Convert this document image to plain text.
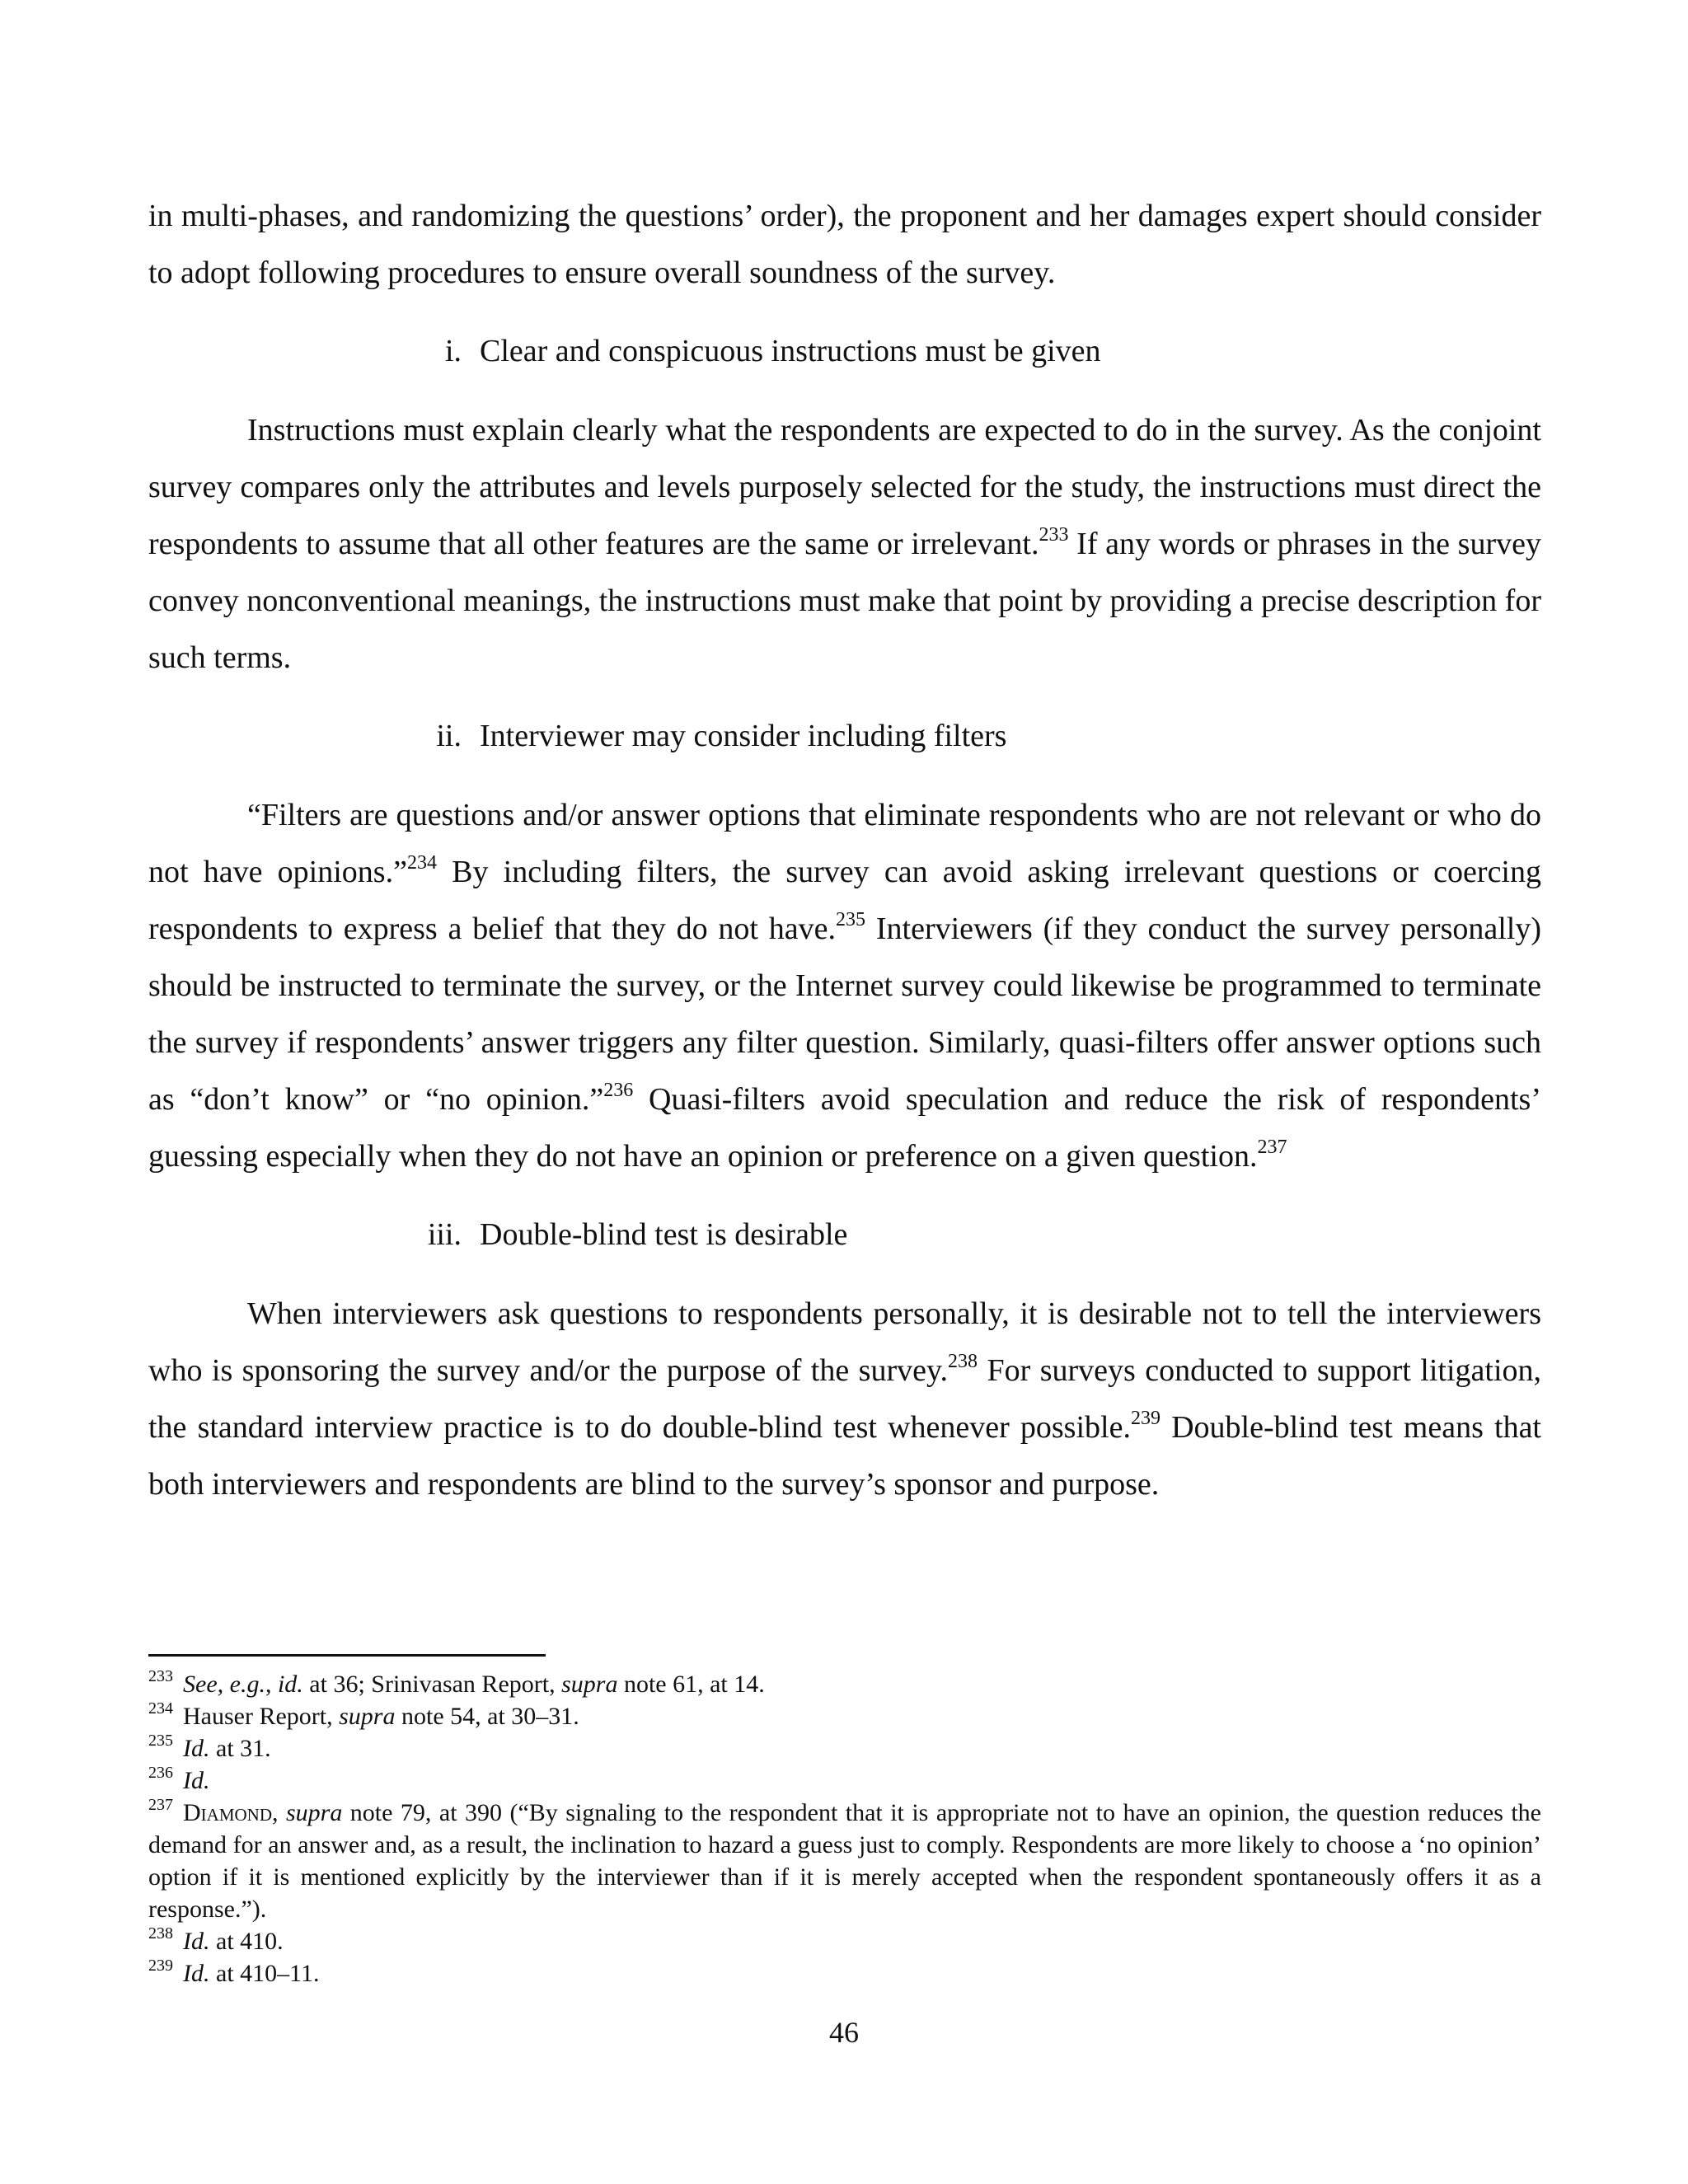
in multi-phases, and randomizing the questions’ order), the proponent and her damages expert should consider to adopt following procedures to ensure overall soundness of the survey.

i. Clear and conspicuous instructions must be given

Instructions must explain clearly what the respondents are expected to do in the survey. As the conjoint survey compares only the attributes and levels purposely selected for the study, the instructions must direct the respondents to assume that all other features are the same or irrelevant.$^{233}$ If any words or phrases in the survey convey nonconventional meanings, the instructions must make that point by providing a precise description for such terms.

ii. Interviewer may consider including filters

“Filters are questions and/or answer options that eliminate respondents who are not relevant or who do not have opinions.”$^{234}$ By including filters, the survey can avoid asking irrelevant questions or coercing respondents to express a belief that they do not have.$^{235}$ Interviewers (if they conduct the survey personally) should be instructed to terminate the survey, or the Internet survey could likewise be programmed to terminate the survey if respondents’ answer triggers any filter question. Similarly, quasi-filters offer answer options such as “don’t know” or “no opinion.”$^{236}$ Quasi-filters avoid speculation and reduce the risk of respondents’ guessing especially when they do not have an opinion or preference on a given question.$^{237}$

iii. Double-blind test is desirable

When interviewers ask questions to respondents personally, it is desirable not to tell the interviewers who is sponsoring the survey and/or the purpose of the survey.$^{238}$ For surveys conducted to support litigation, the standard interview practice is to do double-blind test whenever possible.$^{239}$ Double-blind test means that both interviewers and respondents are blind to the survey’s sponsor and purpose.

$^{233}$ See, e.g., id. at 36; Srinivasan Report, supra note 61, at 14.

$^{234}$ Hauser Report, supra note 54, at 30–31.

$^{235}$ Id. at 31.

$^{236}$ Id.

$^{237}$ Diamond, supra note 79, at 390 (“By signaling to the respondent that it is appropriate not to have an opinion, the question reduces the demand for an answer and, as a result, the inclination to hazard a guess just to comply. Respondents are more likely to choose a ‘no opinion’ option if it is mentioned explicitly by the interviewer than if it is merely accepted when the respondent spontaneously offers it as a response.”).

$^{238}$ Id. at 410.

$^{239}$ Id. at 410–11.

46
